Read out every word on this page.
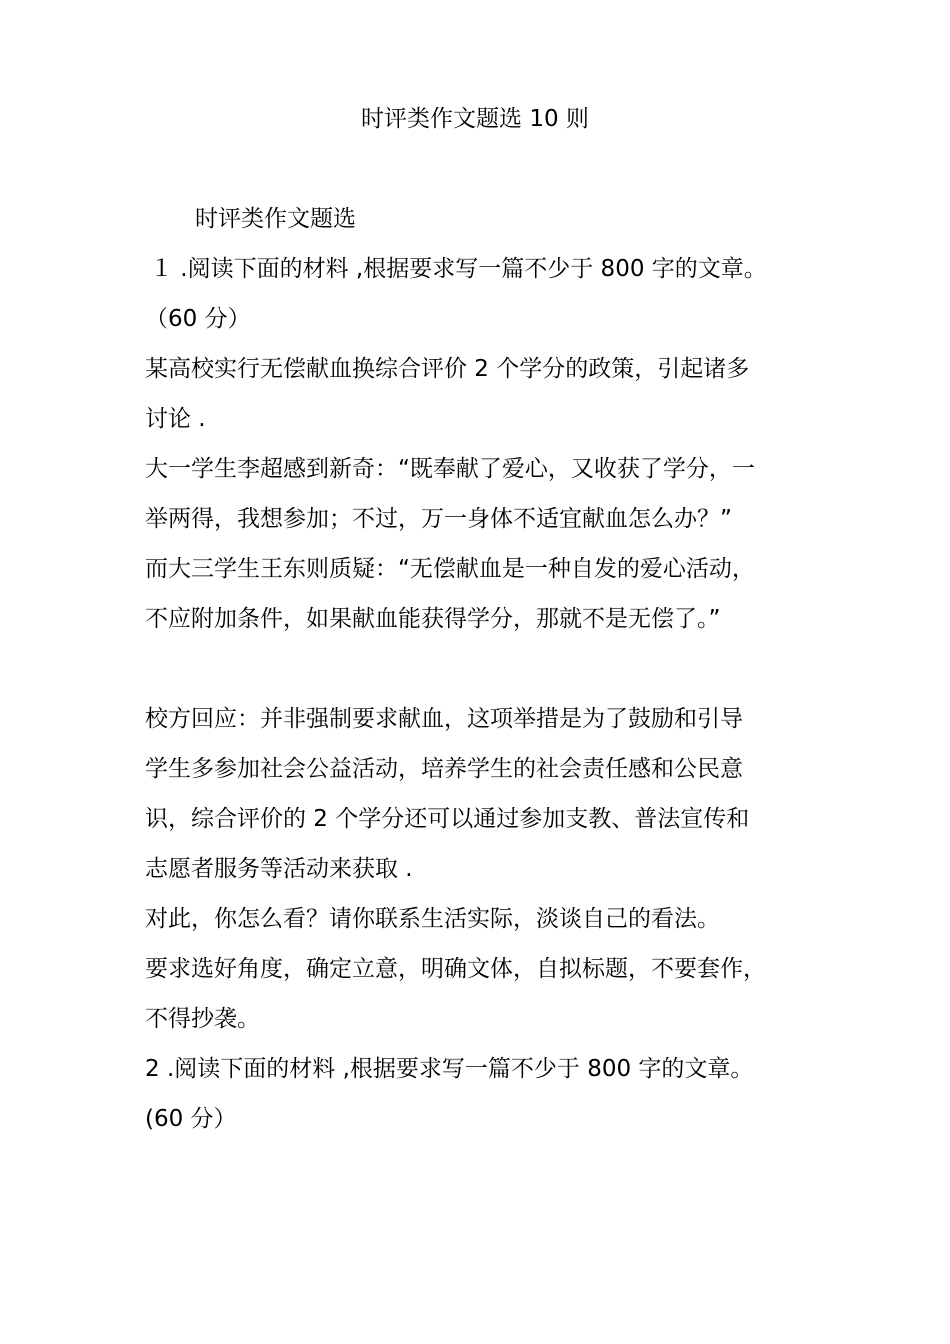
时评类作文题选 10 则
时评类作文题选
１ .阅读下面的材料 ,根据要求写一篇不少于 800 字的文章。
（60 分）
某高校实行无偿献血换综合评价 2 个学分的政策，引起诸多
讨论 .
大一学生李超感到新奇：“既奉献了爱心，又收获了学分，一
举两得，我想参加；不过，万一身体不适宜献血怎么办？”
而大三学生王东则质疑：“无偿献血是一种自发的爱心活动，
不应附加条件，如果献血能获得学分，那就不是无偿了。”
校方回应：并非强制要求献血，这项举措是为了鼓励和引导
学生多参加社会公益活动，培养学生的社会责任感和公民意
识，综合评价的 2 个学分还可以通过参加支教、普法宣传和
志愿者服务等活动来获取 .
对此，你怎么看？请你联系生活实际，淡谈自己的看法。
要求选好角度，确定立意，明确文体，自拟标题，不要套作，
不得抄袭。
2 .阅读下面的材料 ,根据要求写一篇不少于 800 字的文章。
(60 分）
